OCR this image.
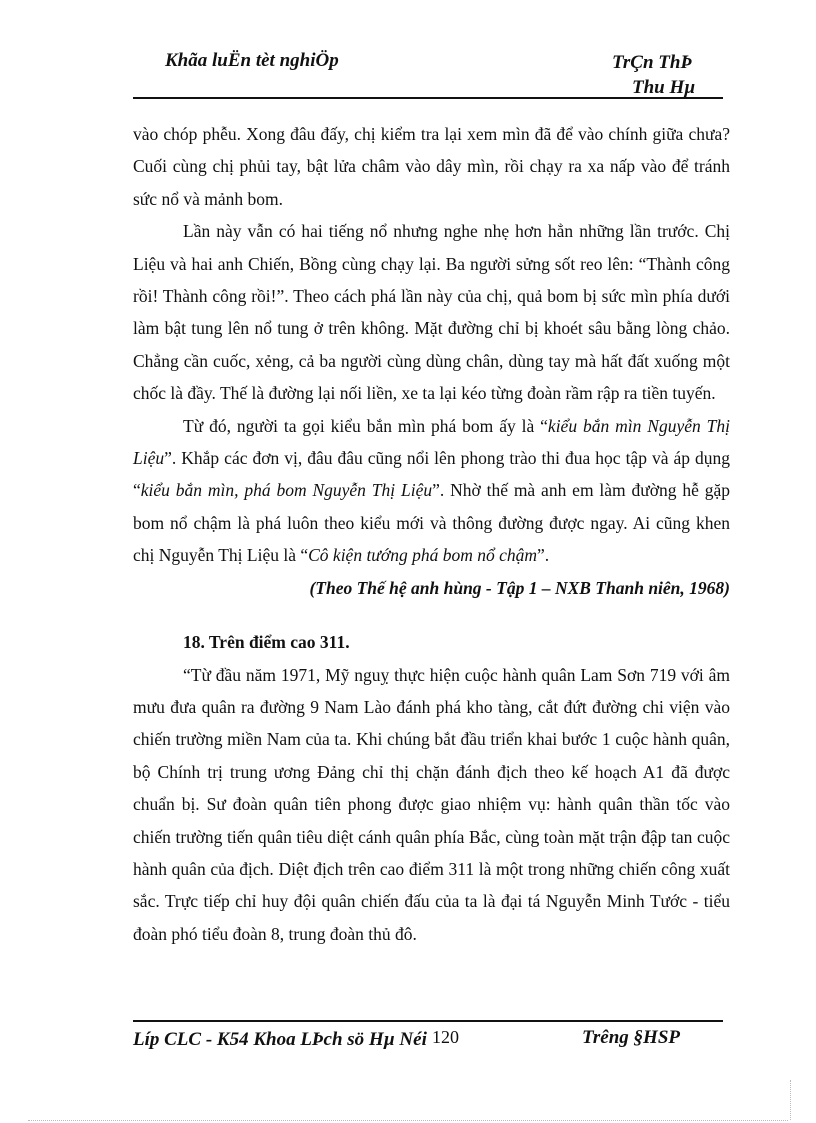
Khãa luËn tèt nghiÖp	TrÇn ThÞ
Thu Hµ

vào chóp phễu. Xong đâu đấy, chị kiểm tra lại xem mìn đã để vào chính giữa chưa? Cuối cùng chị phủi tay, bật lửa châm vào dây mìn, rồi chạy ra xa nấp vào để tránh sức nổ và mảnh bom.

Lần này vẫn có hai tiếng nổ nhưng nghe nhẹ hơn hẳn những lần trước. Chị Liệu và hai anh Chiến, Bồng cùng chạy lại. Ba người sửng sốt reo lên: “Thành công rồi! Thành công rồi!”. Theo cách phá lần này của chị, quả bom bị sức mìn phía dưới làm bật tung lên nổ tung ở trên không. Mặt đường chỉ bị khoét sâu bằng lòng chảo. Chẳng cần cuốc, xẻng, cả ba người cùng dùng chân, dùng tay mà hất đất xuống một chốc là đầy. Thế là đường lại nối liền, xe ta lại kéo từng đoàn rầm rập ra tiền tuyến.

Từ đó, người ta gọi kiểu bắn mìn phá bom ấy là “kiểu bắn mìn Nguyễn Thị Liệu”. Khắp các đơn vị, đâu đâu cũng nổi lên phong trào thi đua học tập và áp dụng “kiểu bắn mìn, phá bom Nguyễn Thị Liệu”. Nhờ thế mà anh em làm đường hễ gặp bom nổ chậm là phá luôn theo kiểu mới và thông đường được ngay. Ai cũng khen chị Nguyễn Thị Liệu là “Cô kiện tướng phá bom nổ chậm”.

(Theo Thế hệ anh hùng - Tập 1 – NXB Thanh niên, 1968)

18. Trên điểm cao 311.

“Từ đầu năm 1971, Mỹ nguỵ thực hiện cuộc hành quân Lam Sơn 719 với âm mưu đưa quân ra đường 9 Nam Lào đánh phá kho tàng, cắt đứt đường chi viện vào chiến trường miền Nam của ta. Khi chúng bắt đầu triển khai bước 1 cuộc hành quân, bộ Chính trị trung ương Đảng chỉ thị chặn đánh địch theo kế hoạch A1 đã được chuẩn bị. Sư đoàn quân tiên phong được giao nhiệm vụ: hành quân thần tốc vào chiến trường tiến quân tiêu diệt cánh quân phía Bắc, cùng toàn mặt trận đập tan cuộc hành quân của địch. Diệt địch trên cao điểm 311 là một trong những chiến công xuất sắc. Trực tiếp chỉ huy đội quân chiến đấu của ta là đại tá Nguyễn Minh Tước - tiểu đoàn phó tiểu đoàn 8, trung đoàn thủ đô.

Líp CLC - K54 Khoa LÞch sö Hµ Néi 120	Trêng §HSP
